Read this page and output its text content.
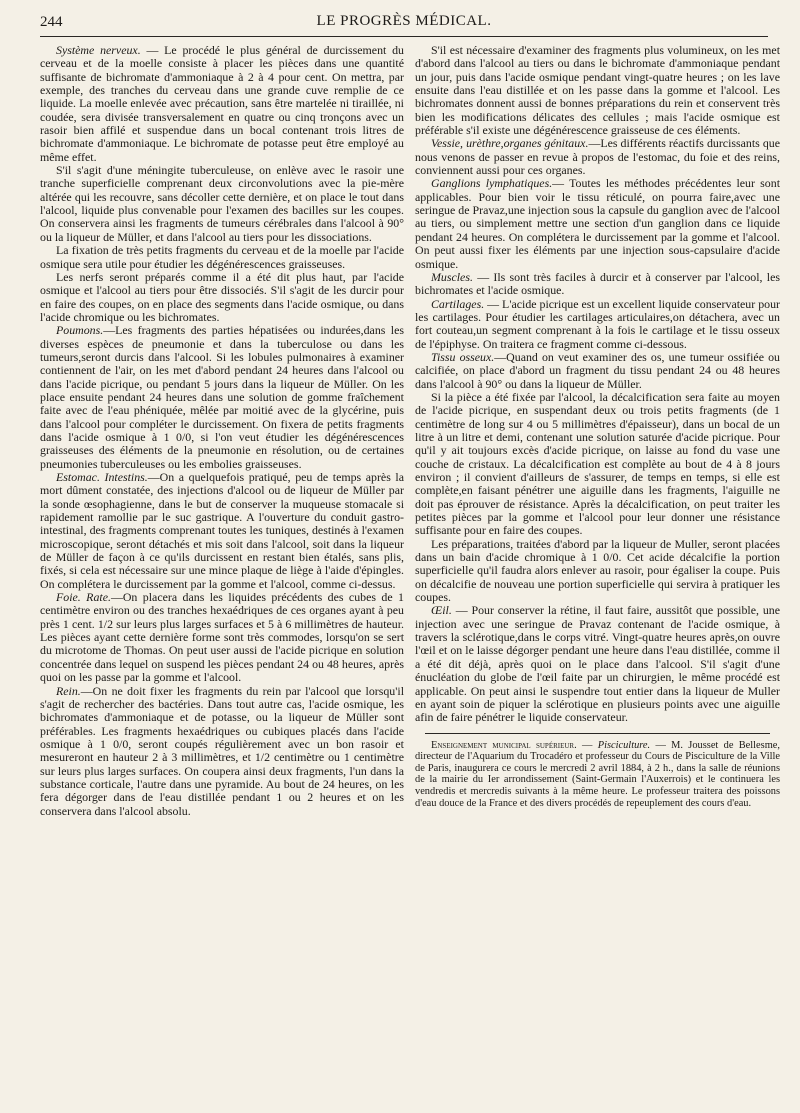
244	LE PROGRÈS MÉDICAL.

Système nerveux. — Le procédé le plus général de durcissement du cerveau et de la moelle consiste à placer les pièces dans une quantité suffisante de bichromate d'ammoniaque à 2 à 4 pour cent. On mettra, par exemple, des tranches du cerveau dans une grande cuve remplie de ce liquide. La moelle enlevée avec précaution, sans être martelée ni tiraillée, ni coudée, sera divisée transversalement en quatre ou cinq tronçons avec un rasoir bien affilé et suspendue dans un bocal contenant trois litres de bichromate d'ammoniaque. Le bichromate de potasse peut être employé au même effet.

S'il s'agit d'une méningite tuberculeuse, on enlève avec le rasoir une tranche superficielle comprenant deux circonvolutions avec la pie-mère altérée qui les recouvre, sans décoller cette dernière, et on place le tout dans l'alcool, liquide plus convenable pour l'examen des bacilles sur les coupes. On conservera ainsi les fragments de tumeurs cérébrales dans l'alcool à 90° ou la liqueur de Müller, et dans l'alcool au tiers pour les dissociations.

La fixation de très petits fragments du cerveau et de la moelle par l'acide osmique sera utile pour étudier les dégénérescences graisseuses.

Les nerfs seront préparés comme il a été dit plus haut, par l'acide osmique et l'alcool au tiers pour être dissociés. S'il s'agit de les durcir pour en faire des coupes, on en place des segments dans l'acide osmique, ou dans l'acide chromique ou les bichromates.

Poumons.—Les fragments des parties hépatisées ou indurées,dans les diverses espèces de pneumonie et dans la tuberculose ou dans les tumeurs,seront durcis dans l'alcool. Si les lobules pulmonaires à examiner contiennent de l'air, on les met d'abord pendant 24 heures dans l'alcool ou dans l'acide picrique, ou pendant 5 jours dans la liqueur de Müller. On les place ensuite pendant 24 heures dans une solution de gomme fraîchement faite avec de l'eau phéniquée, mêlée par moitié avec de la glycérine, puis dans l'alcool pour compléter le durcissement. On fixera de petits fragments dans l'acide osmique à 1 0/0, si l'on veut étudier les dégénérescences graisseuses des éléments de la pneumonie en résolution, ou de certaines pneumonies tuberculeuses ou les embolies graisseuses.

Estomac. Intestins.—On a quelquefois pratiqué, peu de temps après la mort dûment constatée, des injections d'alcool ou de liqueur de Müller par la sonde œsophagienne, dans le but de conserver la muqueuse stomacale si rapidement ramollie par le suc gastrique. A l'ouverture du conduit gastro-intestinal, des fragments comprenant toutes les tuniques, destinés à l'examen microscopique, seront détachés et mis soit dans l'alcool, soit dans la liqueur de Müller de façon à ce qu'ils durcissent en restant bien étalés, sans plis, fixés, si cela est nécessaire sur une mince plaque de liège à l'aide d'épingles. On complétera le durcissement par la gomme et l'alcool, comme ci-dessus.

Foie. Rate.—On placera dans les liquides précédents des cubes de 1 centimètre environ ou des tranches hexaédriques de ces organes ayant à peu près 1 cent. 1/2 sur leurs plus larges surfaces et 5 à 6 millimètres de hauteur. Les pièces ayant cette dernière forme sont très commodes, lorsqu'on se sert du microtome de Thomas. On peut user aussi de l'acide picrique en solution concentrée dans lequel on suspend les pièces pendant 24 ou 48 heures, après quoi on les passe par la gomme et l'alcool.

Rein.—On ne doit fixer les fragments du rein par l'alcool que lorsqu'il s'agit de rechercher des bactéries. Dans tout autre cas, l'acide osmique, les bichromates d'ammoniaque et de potasse, ou la liqueur de Müller sont préférables. Les fragments hexaédriques ou cubiques placés dans l'acide osmique à 1 0/0, seront coupés régulièrement avec un bon rasoir et mesureront en hauteur 2 à 3 millimètres, et 1/2 centimètre ou 1 centimètre sur leurs plus larges surfaces. On coupera ainsi deux fragments, l'un dans la substance corticale, l'autre dans une pyramide. Au bout de 24 heures, on les fera dégorger dans de l'eau distillée pendant 1 ou 2 heures et on les conservera dans l'alcool absolu.

S'il est nécessaire d'examiner des fragments plus volumineux, on les met d'abord dans l'alcool au tiers ou dans le bichromate d'ammoniaque pendant un jour, puis dans l'acide osmique pendant vingt-quatre heures ; on les lave ensuite dans l'eau distillée et on les passe dans la gomme et l'alcool. Les bichromates donnent aussi de bonnes préparations du rein et conservent très bien les modifications délicates des cellules ; mais l'acide osmique est préférable s'il existe une dégénérescence graisseuse de ces éléments.

Vessie, urèthre,organes génitaux.—Les différents réactifs durcissants que nous venons de passer en revue à propos de l'estomac, du foie et des reins, conviennent aussi pour ces organes.

Ganglions lymphatiques.— Toutes les méthodes précédentes leur sont applicables. Pour bien voir le tissu réticulé, on pourra faire,avec une seringue de Pravaz,une injection sous la capsule du ganglion avec de l'alcool au tiers, ou simplement mettre une section d'un ganglion dans ce liquide pendant 24 heures. On complétera le durcissement par la gomme et l'alcool. On peut aussi fixer les éléments par une injection sous-capsulaire d'acide osmique.

Muscles. — Ils sont très faciles à durcir et à conserver par l'alcool, les bichromates et l'acide osmique.

Cartilages. — L'acide picrique est un excellent liquide conservateur pour les cartilages. Pour étudier les cartilages articulaires,on détachera, avec un fort couteau,un segment comprenant à la fois le cartilage et le tissu osseux de l'épiphyse. On traitera ce fragment comme ci-dessous.

Tissu osseux.—Quand on veut examiner des os, une tumeur ossifiée ou calcifiée, on place d'abord un fragment du tissu pendant 24 ou 48 heures dans l'alcool à 90° ou dans la liqueur de Müller.

Si la pièce a été fixée par l'alcool, la décalcification sera faite au moyen de l'acide picrique, en suspendant deux ou trois petits fragments (de 1 centimètre de long sur 4 ou 5 millimètres d'épaisseur), dans un bocal de un litre à un litre et demi, contenant une solution saturée d'acide picrique. Pour qu'il y ait toujours excès d'acide picrique, on laisse au fond du vase une couche de cristaux. La décalcification est complète au bout de 4 à 8 jours environ ; il convient d'ailleurs de s'assurer, de temps en temps, si elle est complète,en faisant pénétrer une aiguille dans les fragments, l'aiguille ne doit pas éprouver de résistance. Après la décalcification, on peut traiter les petites pièces par la gomme et l'alcool pour leur donner une résistance suffisante pour en faire des coupes.

Les préparations, traitées d'abord par la liqueur de Muller, seront placées dans un bain d'acide chromique à 1 0/0. Cet acide décalcifie la portion superficielle qu'il faudra alors enlever au rasoir, pour égaliser la coupe. Puis on décalcifie de nouveau une portion superficielle qui servira à pratiquer les coupes.

Œil. — Pour conserver la rétine, il faut faire, aussitôt que possible, une injection avec une seringue de Pravaz contenant de l'acide osmique, à travers la sclérotique,dans le corps vitré. Vingt-quatre heures après,on ouvre l'œil et on le laisse dégorger pendant une heure dans l'eau distillée, comme il a été dit déjà, après quoi on le place dans l'alcool. S'il s'agit d'une énucléation du globe de l'œil faite par un chirurgien, le même procédé est applicable. On peut ainsi le suspendre tout entier dans la liqueur de Muller en ayant soin de piquer la sclérotique en plusieurs points avec une aiguille afin de faire pénétrer le liquide conservateur.

Enseignement municipal supérieur. — Pisciculture. — M. Jousset de Bellesme, directeur de l'Aquarium du Trocadéro et professeur du Cours de Pisciculture de la Ville de Paris, inaugurera ce cours le mercredi 2 avril 1884, à 2 h., dans la salle de réunions de la mairie du Ier arrondissement (Saint-Germain l'Auxerrois) et le continuera les vendredis et mercredis suivants à la même heure. Le professeur traitera des poissons d'eau douce de la France et des divers procédés de repeuplement des cours d'eau.
